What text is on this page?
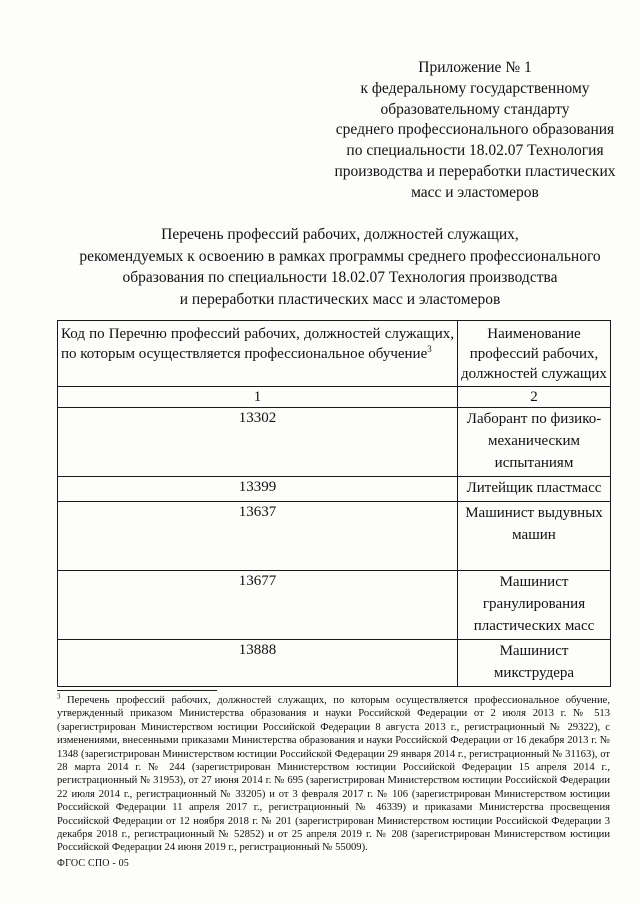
Приложение № 1
к федеральному государственному
образовательному стандарту
среднего профессионального образования
по специальности 18.02.07 Технология
производства и переработки пластических
масс и эластомеров
Перечень профессий рабочих, должностей служащих,
рекомендуемых к освоению в рамках программы среднего профессионального
образования по специальности 18.02.07 Технология производства
и переработки пластических масс и эластомеров
Код по Перечню профессий рабочих, должностей служащих, по которым осуществляется профессиональное обучение$^3$	Наименование профессий рабочих, должностей служащих
1	2
13302	Лаборант по физико-механическим испытаниям
13399	Литейщик пластмасс
13637	Машинист выдувных машин
13677	Машинист гранулирования пластических масс
13888	Машинист микструдера
$^3$ Перечень профессий рабочих, должностей служащих, по которым осуществляется профессиональное обучение, утвержденный приказом Министерства образования и науки Российской Федерации от 2 июля 2013 г. № 513 (зарегистрирован Министерством юстиции Российской Федерации 8 августа 2013 г., регистрационный № 29322), с изменениями, внесенными приказами Министерства образования и науки Российской Федерации от 16 декабря 2013 г. № 1348 (зарегистрирован Министерством юстиции Российской Федерации 29 января 2014 г., регистрационный № 31163), от 28 марта 2014 г. № 244 (зарегистрирован Министерством юстиции Российской Федерации 15 апреля 2014 г., регистрационный № 31953), от 27 июня 2014 г. № 695 (зарегистрирован Министерством юстиции Российской Федерации 22 июля 2014 г., регистрационный № 33205) и от 3 февраля 2017 г. № 106 (зарегистрирован Министерством юстиции Российской Федерации 11 апреля 2017 г., регистрационный № 46339) и приказами Министерства просвещения Российской Федерации от 12 ноября 2018 г. № 201 (зарегистрирован Министерством юстиции Российской Федерации 3 декабря 2018 г., регистрационный № 52852) и от 25 апреля 2019 г. № 208 (зарегистрирован Министерством юстиции Российской Федерации 24 июня 2019 г., регистрационный № 55009).
ФГОС СПО - 05
